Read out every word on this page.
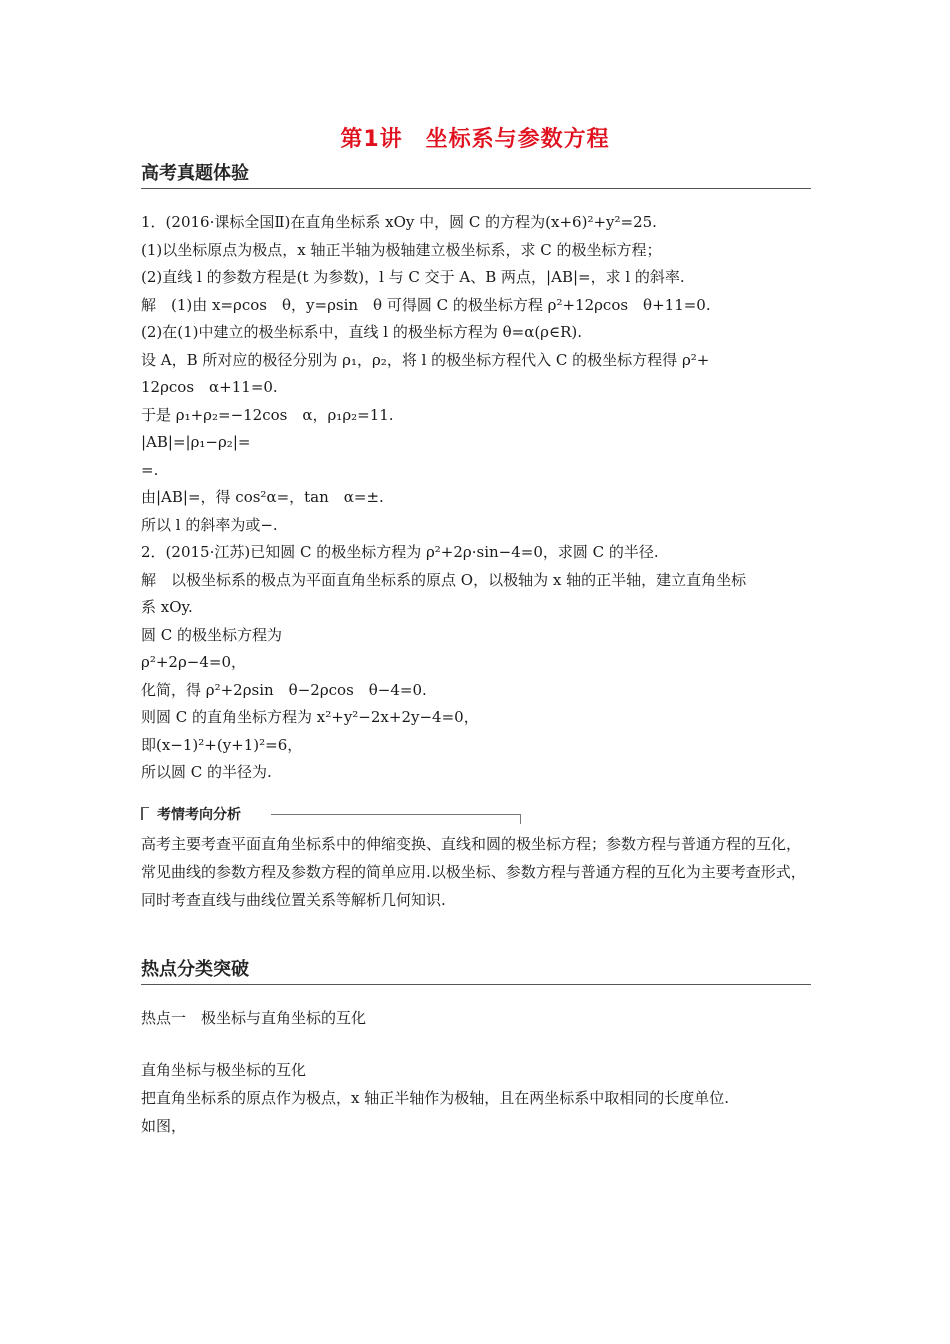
第1讲　坐标系与参数方程
高考真题体验
1．(2016·课标全国Ⅱ)在直角坐标系 xOy 中，圆 C 的方程为(x+6)²+y²=25.
(1)以坐标原点为极点，x 轴正半轴为极轴建立极坐标系，求 C 的极坐标方程；
(2)直线 l 的参数方程是(t 为参数)，l 与 C 交于 A、B 两点，|AB|=，求 l 的斜率.
解　(1)由 x=ρcos　θ，y=ρsin　θ 可得圆 C 的极坐标方程 ρ²+12ρcos　θ+11=0.
(2)在(1)中建立的极坐标系中，直线 l 的极坐标方程为 θ=α(ρ∈R).
设 A，B 所对应的极径分别为 ρ₁，ρ₂，将 l 的极坐标方程代入 C 的极坐标方程得 ρ²+
12ρcos　α+11=0.
于是 ρ₁+ρ₂=−12cos　α，ρ₁ρ₂=11.
|AB|=|ρ₁−ρ₂|=
=.
由|AB|=，得 cos²α=，tan　α=±.
所以 l 的斜率为或−.
2．(2015·江苏)已知圆 C 的极坐标方程为 ρ²+2ρ·sin−4=0，求圆 C 的半径.
解　以极坐标系的极点为平面直角坐标系的原点 O，以极轴为 x 轴的正半轴，建立直角坐标
系 xOy.
圆 C 的极坐标方程为
ρ²+2ρ−4=0，
化简，得 ρ²+2ρsin　θ−2ρcos　θ−4=0.
则圆 C 的直角坐标方程为 x²+y²−2x+2y−4=0，
即(x−1)²+(y+1)²=6，
所以圆 C 的半径为.
考情考向分析

高考主要考查平面直角坐标系中的伸缩变换、直线和圆的极坐标方程；参数方程与普通方程的互化，常见曲线的参数方程及参数方程的简单应用.以极坐标、参数方程与普通方程的互化为主要考查形式，同时考查直线与曲线位置关系等解析几何知识.

热点分类突破

热点一　极坐标与直角坐标的互化

直角坐标与极坐标的互化

把直角坐标系的原点作为极点，x 轴正半轴作为极轴，且在两坐标系中取相同的长度单位.

如图，
